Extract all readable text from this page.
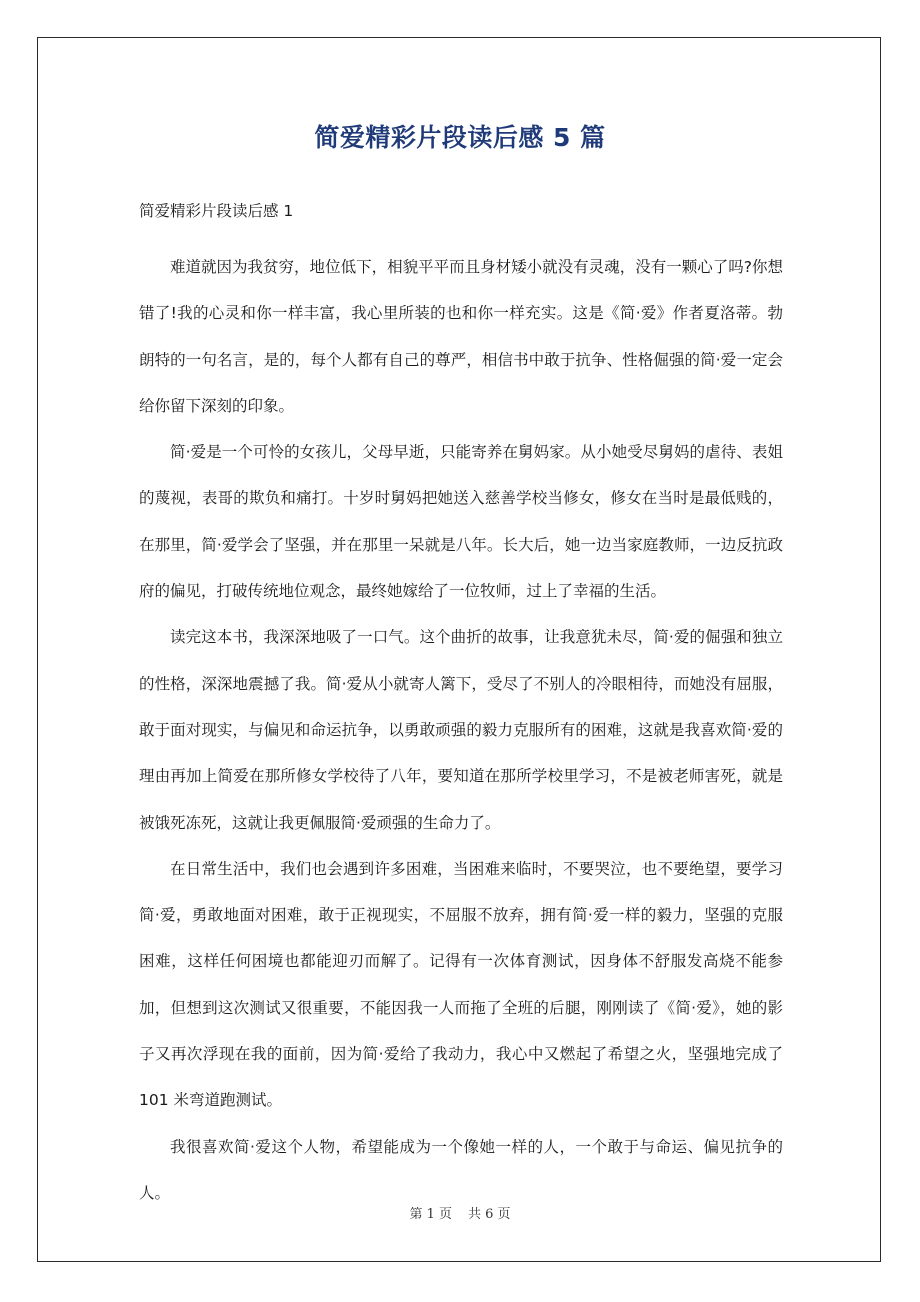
简爱精彩片段读后感 5 篇
简爱精彩片段读后感 1

难道就因为我贫穷，地位低下，相貌平平而且身材矮小就没有灵魂，没有一颗心了吗?你想错了!我的心灵和你一样丰富，我心里所装的也和你一样充实。这是《简·爱》作者夏洛蒂。勃朗特的一句名言，是的，每个人都有自己的尊严，相信书中敢于抗争、性格倔强的简·爱一定会给你留下深刻的印象。

简·爱是一个可怜的女孩儿，父母早逝，只能寄养在舅妈家。从小她受尽舅妈的虐待、表姐的蔑视，表哥的欺负和痛打。十岁时舅妈把她送入慈善学校当修女，修女在当时是最低贱的，在那里，简·爱学会了坚强，并在那里一呆就是八年。长大后，她一边当家庭教师，一边反抗政府的偏见，打破传统地位观念，最终她嫁给了一位牧师，过上了幸福的生活。

读完这本书，我深深地吸了一口气。这个曲折的故事，让我意犹未尽，简·爱的倔强和独立的性格，深深地震撼了我。简·爱从小就寄人篱下，受尽了不别人的冷眼相待，而她没有屈服，敢于面对现实，与偏见和命运抗争，以勇敢顽强的毅力克服所有的困难，这就是我喜欢简·爱的理由再加上简爱在那所修女学校待了八年，要知道在那所学校里学习，不是被老师害死，就是被饿死冻死，这就让我更佩服简·爱顽强的生命力了。

在日常生活中，我们也会遇到许多困难，当困难来临时，不要哭泣，也不要绝望，要学习简·爱，勇敢地面对困难，敢于正视现实，不屈服不放弃，拥有简·爱一样的毅力，坚强的克服困难，这样任何困境也都能迎刃而解了。记得有一次体育测试，因身体不舒服发高烧不能参加，但想到这次测试又很重要，不能因我一人而拖了全班的后腿，刚刚读了《简·爱》，她的影子又再次浮现在我的面前，因为简·爱给了我动力，我心中又燃起了希望之火，坚强地完成了 101 米弯道跑测试。

我很喜欢简·爱这个人物，希望能成为一个像她一样的人，一个敢于与命运、偏见抗争的人。

第 1 页 共 6 页
